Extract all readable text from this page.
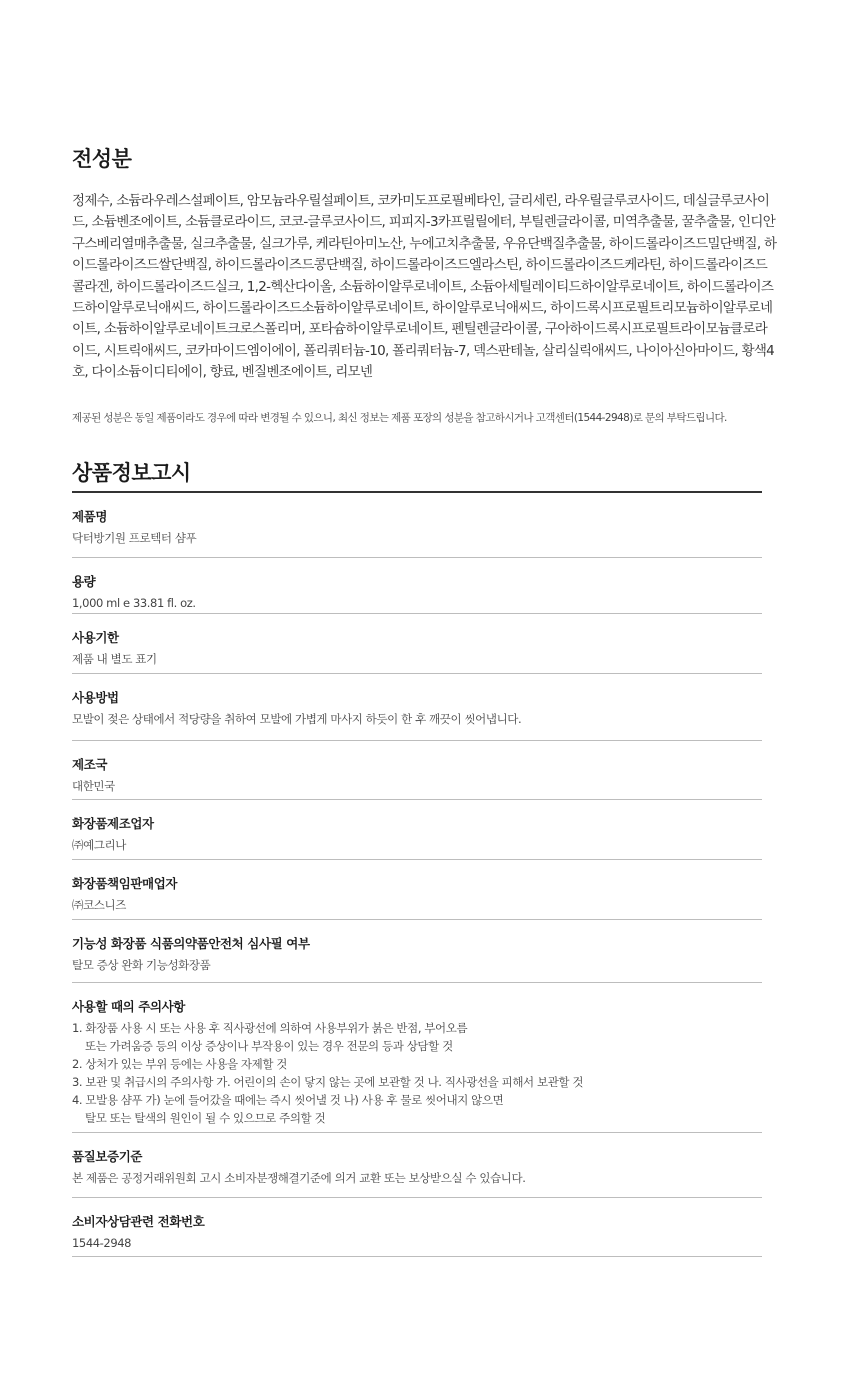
전성분

정제수, 소듐라우레스설페이트, 암모늄라우릴설페이트, 코카미도프로필베타인, 글리세린, 라우릴글루코사이드, 데실글루코사이드, 소듐벤조에이트, 소듐클로라이드, 코코-글루코사이드, 피피지-3카프릴릴에터, 부틸렌글라이콜, 미역추출물, 꿀추출물, 인디안구스베리열매추출물, 실크추출물, 실크가루, 케라틴아미노산, 누에고치추출물, 우유단백질추출물, 하이드롤라이즈드밀단백질, 하이드롤라이즈드쌀단백질, 하이드롤라이즈드콩단백질, 하이드롤라이즈드엘라스틴, 하이드롤라이즈드케라틴, 하이드롤라이즈드콜라겐, 하이드롤라이즈드실크, 1,2-헥산다이올, 소듐하이알루로네이트, 소듐아세틸레이티드하이알루로네이트, 하이드롤라이즈드하이알루로닉애씨드, 하이드롤라이즈드소듐하이알루로네이트, 하이알루로닉애씨드, 하이드록시프로필트리모늄하이알루로네이트, 소듐하이알루로네이트크로스폴리머, 포타슘하이알루로네이트, 펜틸렌글라이콜, 구아하이드록시프로필트라이모늄클로라이드, 시트릭애씨드, 코카마이드엠이에이, 폴리쿼터늄-10, 폴리쿼터늄-7, 덱스판테놀, 살리실릭애씨드, 나이아신아마이드, 황색4호, 다이소듐이디티에이, 향료, 벤질벤조에이트, 리모넨

제공된 성분은 동일 제품이라도 경우에 따라 변경될 수 있으니, 최신 정보는 제품 포장의 성분을 참고하시거나 고객센터(1544-2948)로 문의 부탁드립니다.

상품정보고시
제품명
닥터방기원 프로텍터 샴푸
용량
1,000 ml e 33.81 fl. oz.
사용기한
제품 내 별도 표기
사용방법
모발이 젖은 상태에서 적당량을 취하여 모발에 가볍게 마사지 하듯이 한 후 깨끗이 씻어냅니다.
제조국
대한민국
화장품제조업자
㈜예그리나
화장품책임판매업자
㈜코스니즈
기능성 화장품 식품의약품안전처 심사필 여부
탈모 증상 완화 기능성화장품
사용할 때의 주의사항
1. 화장품 사용 시 또는 사용 후 직사광선에 의하여 사용부위가 붉은 반점, 부어오름
또는 가려움증 등의 이상 증상이나 부작용이 있는 경우 전문의 등과 상담할 것
2. 상처가 있는 부위 등에는 사용을 자제할 것
3. 보관 및 취급시의 주의사항 가. 어린이의 손이 닿지 않는 곳에 보관할 것 나. 직사광선을 피해서 보관할 것
4. 모발용 샴푸 가) 눈에 들어갔을 때에는 즉시 씻어낼 것 나) 사용 후 물로 씻어내지 않으면
탈모 또는 탈색의 원인이 될 수 있으므로 주의할 것
품질보증기준
본 제품은 공정거래위원회 고시 소비자분쟁해결기준에 의거 교환 또는 보상받으실 수 있습니다.
소비자상담관련 전화번호
1544-2948
